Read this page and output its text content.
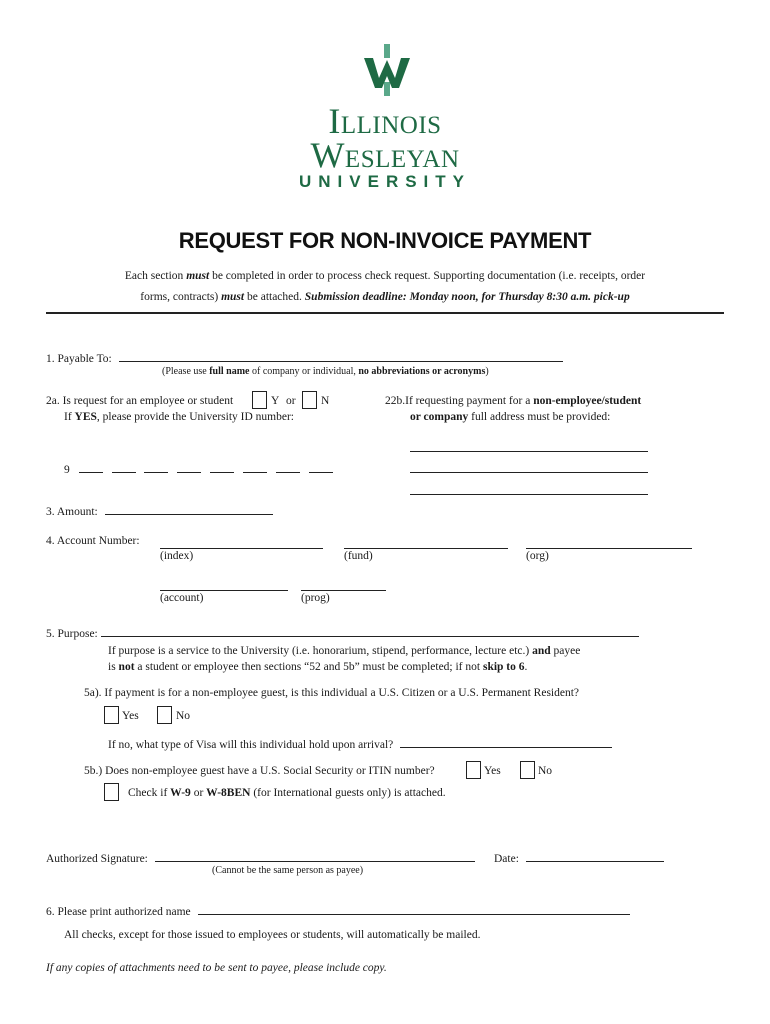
Illinois
Wesleyan
UNIVERSITY
REQUEST FOR NON-INVOICE PAYMENT
Each section must be completed in order to process check request. Supporting documentation (i.e. receipts, order
forms, contracts) must be attached. Submission deadline: Monday noon, for Thursday 8:30 a.m. pick-up
1. Payable To:
(Please use full name of company or individual, no abbreviations or acronyms)
2a. Is request for an employee or student	Y or N
If YES, please provide the University ID number:
9
22b.If requesting payment for a non-employee/student
or company full address must be provided:
3. Amount:
4. Account Number:
(index)	(fund)	(org)
(account)	(prog)
5. Purpose:
If purpose is a service to the University (i.e. honorarium, stipend, performance, lecture etc.) and payee
is not a student or employee then sections “52 and 5b” must be completed; if not skip to 6.
5a). If payment is for a non-employee guest, is this individual a U.S. Citizen or a U.S. Permanent Resident?
Yes	No
If no, what type of Visa will this individual hold upon arrival?
5b.) Does non-employee guest have a U.S. Social Security or ITIN number?	Yes	No
Check if W-9 or W-8BEN (for International guests only) is attached.
Authorized Signature:	Date:
(Cannot be the same person as payee)
6. Please print authorized name
All checks, except for those issued to employees or students, will automatically be mailed.
If any copies of attachments need to be sent to payee, please include copy.
